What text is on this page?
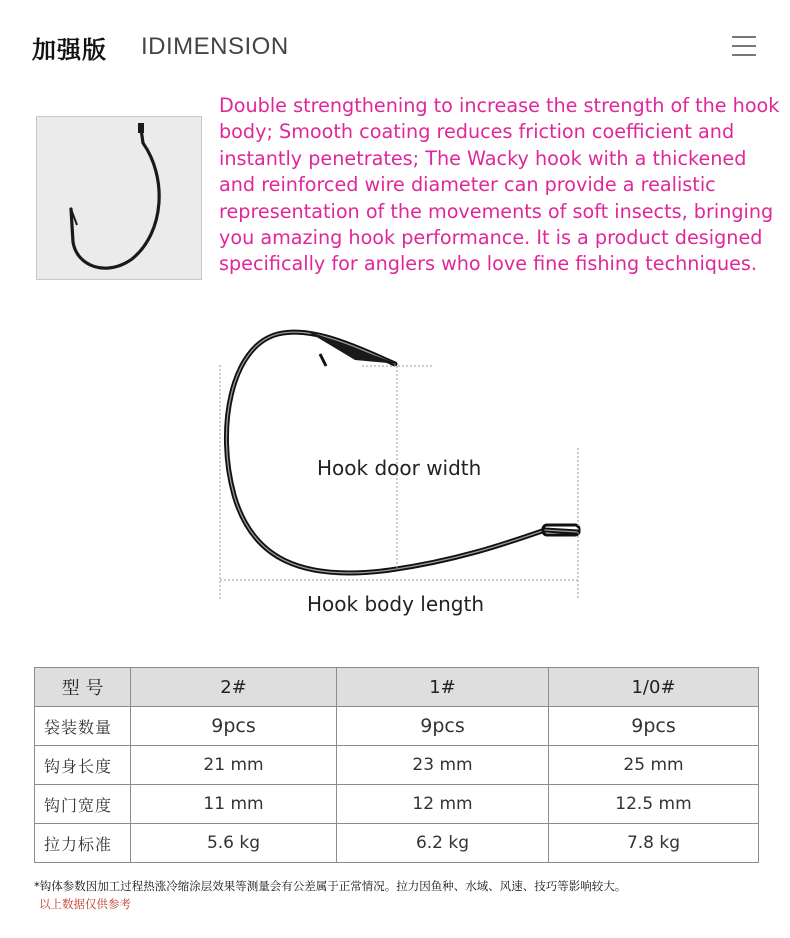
加强版 IDIMENSION
Double strengthening to increase the strength of the hook body; Smooth coating reduces friction coefficient and instantly penetrates; The Wacky hook with a thickened and reinforced wire diameter can provide a realistic representation of the movements of soft insects, bringing you amazing hook performance. It is a product designed specifically for anglers who love fine fishing techniques.
Hook door width
Hook body length
型 号	2#	1#	1/0#
袋装数量	9pcs	9pcs	9pcs
钩身长度	21 mm	23 mm	25 mm
钩门宽度	11 mm	12 mm	12.5 mm
拉力标准	5.6 kg	6.2 kg	7.8 kg
*钩体参数因加工过程热涨冷缩涂层效果等测量会有公差属于正常情况。拉力因鱼种、水域、风速、技巧等影响较大。
以上数据仅供参考
